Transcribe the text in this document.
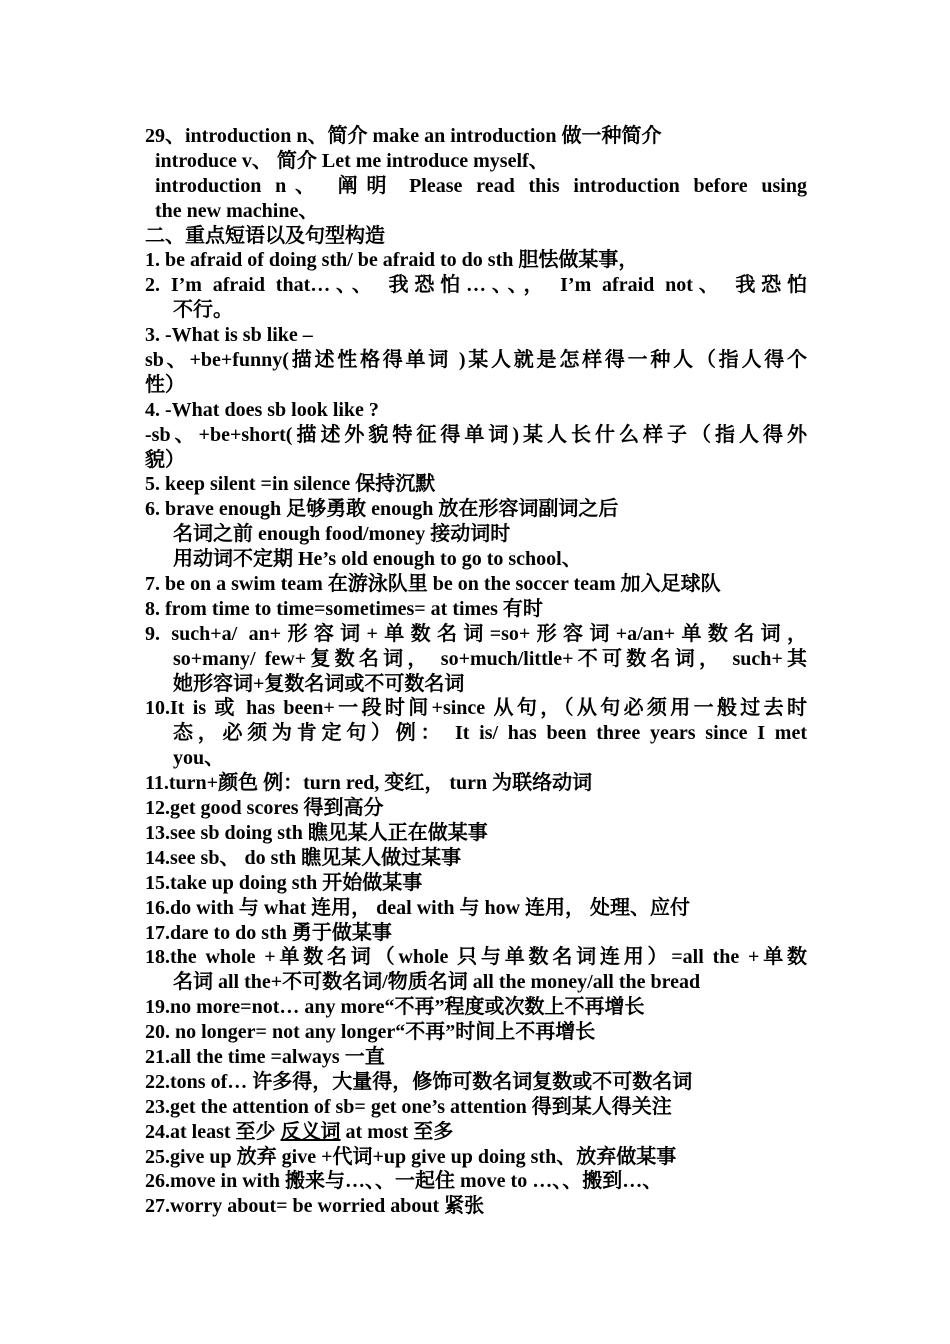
29、introduction n、简介 make an introduction 做一种简介
introduce v、 简介 Let me introduce myself、
introduction n、 阐明 Please read this introduction before using
the new machine、
二、重点短语以及句型构造
1. be afraid of doing sth/ be afraid to do sth 胆怯做某事，
2. I’m afraid that…、、 我恐怕…、、， I’m afraid not、 我恐怕
不行。
3. -What is sb like –
sb、+be+funny(描述性格得单词 )某人就是怎样得一种人（指人得个
性）
4. -What does sb look like ?
-sb、+be+short(描述外貌特征得单词)某人长什么样子（指人得外
貌）
5. keep silent =in silence 保持沉默
6. brave enough 足够勇敢 enough 放在形容词副词之后
名词之前 enough food/money 接动词时
用动词不定期 He’s old enough to go to school、
7. be on a swim team 在游泳队里 be on the soccer team 加入足球队
8. from time to time=sometimes= at times 有时
9. such+a/ an+形容词+单数名词=so+形容词+a/an+单数名词，
so+many/ few+复数名词， so+much/little+不可数名词， such+其
她形容词+复数名词或不可数名词
10.It is 或 has been+一段时间+since 从句，（从句必须用一般过去时
态，必须为肯定句）例： It is/ has been three years since I met
you、
11.turn+颜色 例：turn red, 变红， turn 为联络动词
12.get good scores 得到高分
13.see sb doing sth 瞧见某人正在做某事
14.see sb、 do sth 瞧见某人做过某事
15.take up doing sth 开始做某事
16.do with 与 what 连用， deal with 与 how 连用， 处理、应付
17.dare to do sth 勇于做某事
18.the whole +单数名词（whole 只与单数名词连用）=all the +单数
名词 all the+不可数名词/物质名词 all the money/all the bread
19.no more=not… any more“不再”程度或次数上不再增长
20. no longer= not any longer“不再”时间上不再增长
21.all the time =always 一直
22.tons of… 许多得，大量得，修饰可数名词复数或不可数名词
23.get the attention of sb= get one’s attention 得到某人得关注
24.at least 至少 反义词 at most 至多
25.give up 放弃 give +代词+up give up doing sth、放弃做某事
26.move in with 搬来与…、、一起住 move to …、、搬到…、
27.worry about= be worried about 紧张
